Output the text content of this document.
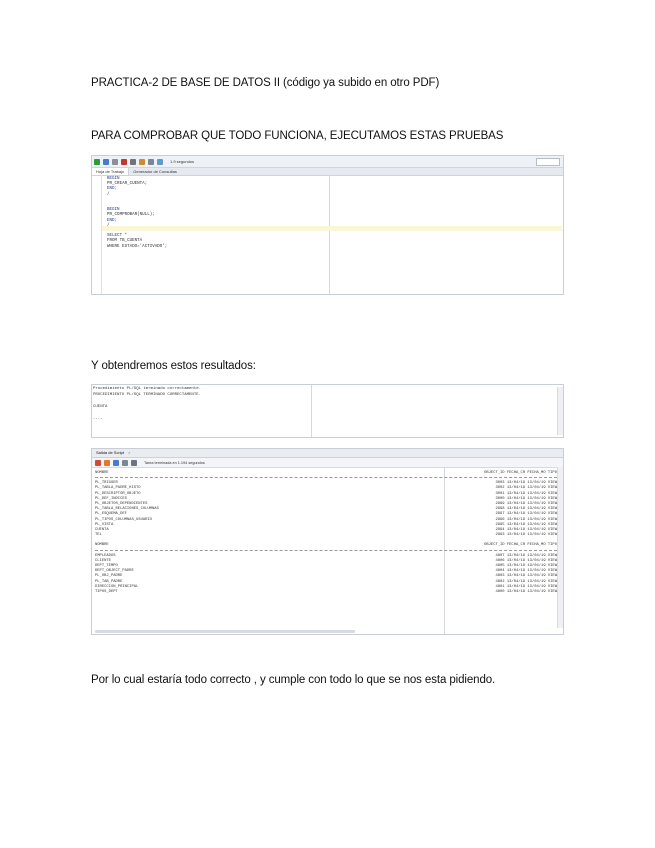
PRACTICA-2 DE BASE DE DATOS II (código ya subido en otro PDF)
PARA COMPROBAR QUE TODO FUNCIONA, EJECUTAMOS ESTAS PRUEBAS
1.9 segundos
Hoja de Trabajo	Generador de Consultas
BEGIN
PR_CREAR_CUENTA;
END;
/

BEGIN
PR_COMPROBAR(NULL);
END;
/

SELECT *
FROM TB_CUENTA
WHERE ESTADO='ACTIVADO';
Y obtendremos estos resultados:
Procedimiento PL/SQL terminado correctamente.
PROCEDIMIENTO PL/SQL TERMINADO CORRECTAMENTE.

CUENTA

----
Salida de Script ×
Tarea terminada en 1.194 segundos
NOMBRE	OBJECT_ID FECHA_CR FECHA_MO TIPO
PL_TRIGGER	3003 13/04/19 13/04/19 VIEW
PL_TABLA_PADRE_HISTO	3002 13/04/19 13/04/19 VIEW
PL_DESCRIPTOR_OBJETO	3001 13/04/19 13/04/19 VIEW
PL_DEF_INDICES	3000 13/04/19 13/04/19 VIEW
PL_OBJETOS_DEPENDIENTES	2999 13/04/19 13/04/19 VIEW
PL_TABLA_RELACIONES_COLUMNAS	2998 13/04/19 13/04/19 VIEW
PL_ESQUEMA_DEF	2997 13/04/19 13/04/19 VIEW
PL_TIPOS_COLUMNAS_USUARIO	2996 13/04/19 13/04/19 VIEW
PL_VISTA	2995 13/04/19 13/04/19 VIEW
CUENTA	2994 13/04/19 13/04/19 VIEW
TEL	2993 13/04/19 13/04/19 VIEW
NOMBRE	OBJECT_ID FECHA_CR FECHA_MO TIPO
EMPLEADOS	4807 13/04/19 13/04/19 VIEW
CLIENTE	4806 13/04/19 13/04/19 VIEW
DEPT_TEMPO	4805 13/04/19 13/04/19 VIEW
DEPT_OBJECT_PADRE	4804 13/04/19 13/04/19 VIEW
PL_OBJ_PADRE	4803 13/04/19 13/04/19 VIEW
PL_TAB_PADRE	4802 13/04/19 13/04/19 VIEW
DIRECCION_PRINCIPAL	4801 13/04/19 13/04/19 VIEW
TIPOS_DEPT	4800 13/04/19 13/04/19 VIEW
Por lo cual estaría todo correcto , y cumple con todo lo que se nos esta pidiendo.
